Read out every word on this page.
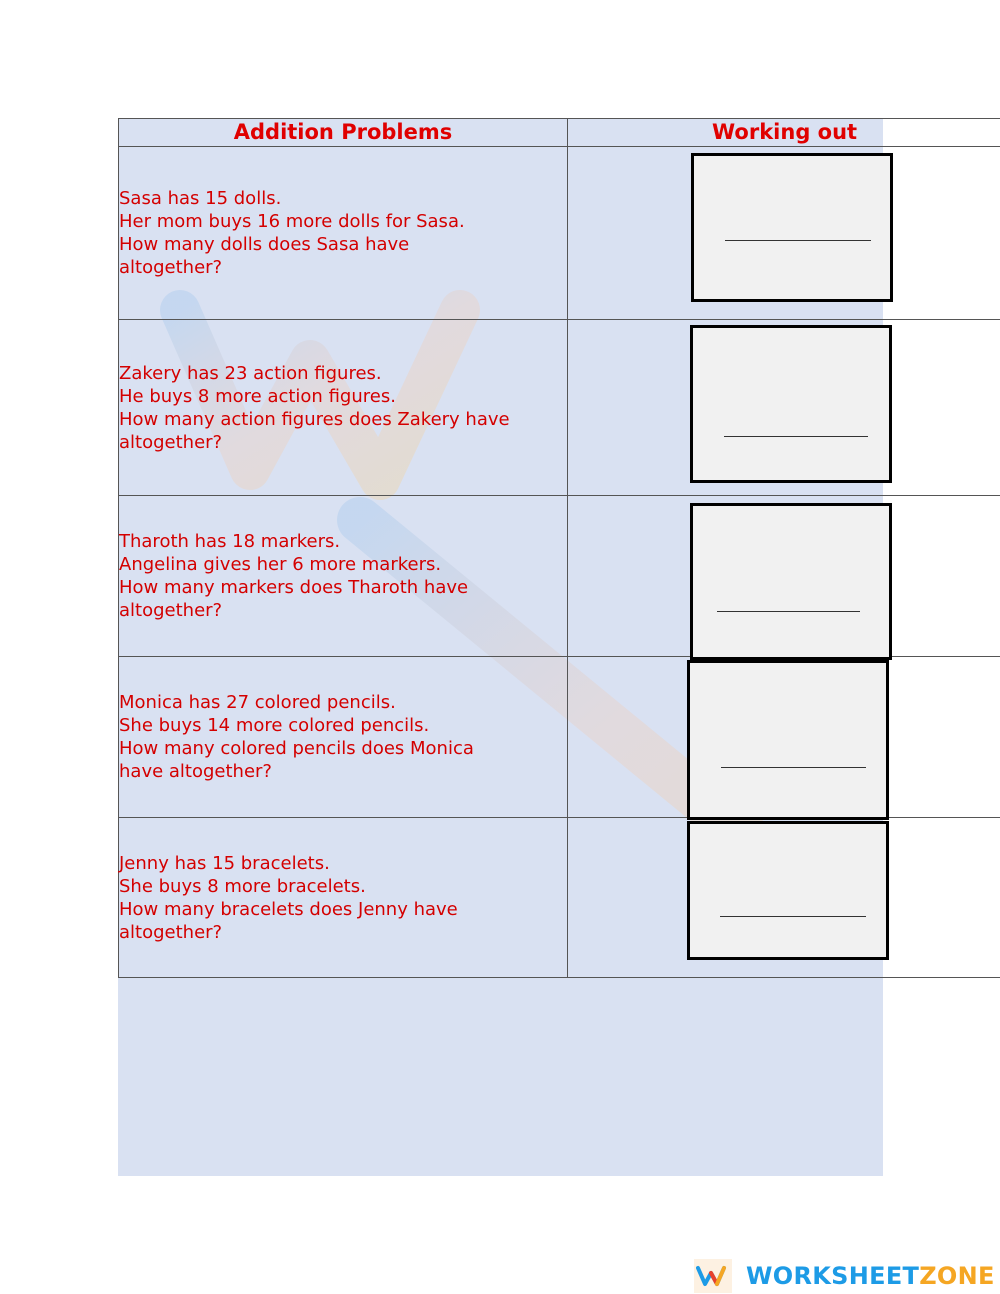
Addition Problems	Working out

Sasa has 15 dolls.
Her mom buys 16 more dolls for Sasa.
How many dolls does Sasa have
altogether?	

Zakery has 23 action figures.
He buys 8 more action figures.
How many action figures does Zakery have
altogether?	

Tharoth has 18 markers.
Angelina gives her 6 more markers.
How many markers does Tharoth have
altogether?	

Monica has 27 colored pencils.
She buys 14 more colored pencils.
How many colored pencils does Monica
have altogether?	

Jenny has 15 bracelets.
She buys 8 more bracelets.
How many bracelets does Jenny have
altogether?	

WORKSHEETZONE
